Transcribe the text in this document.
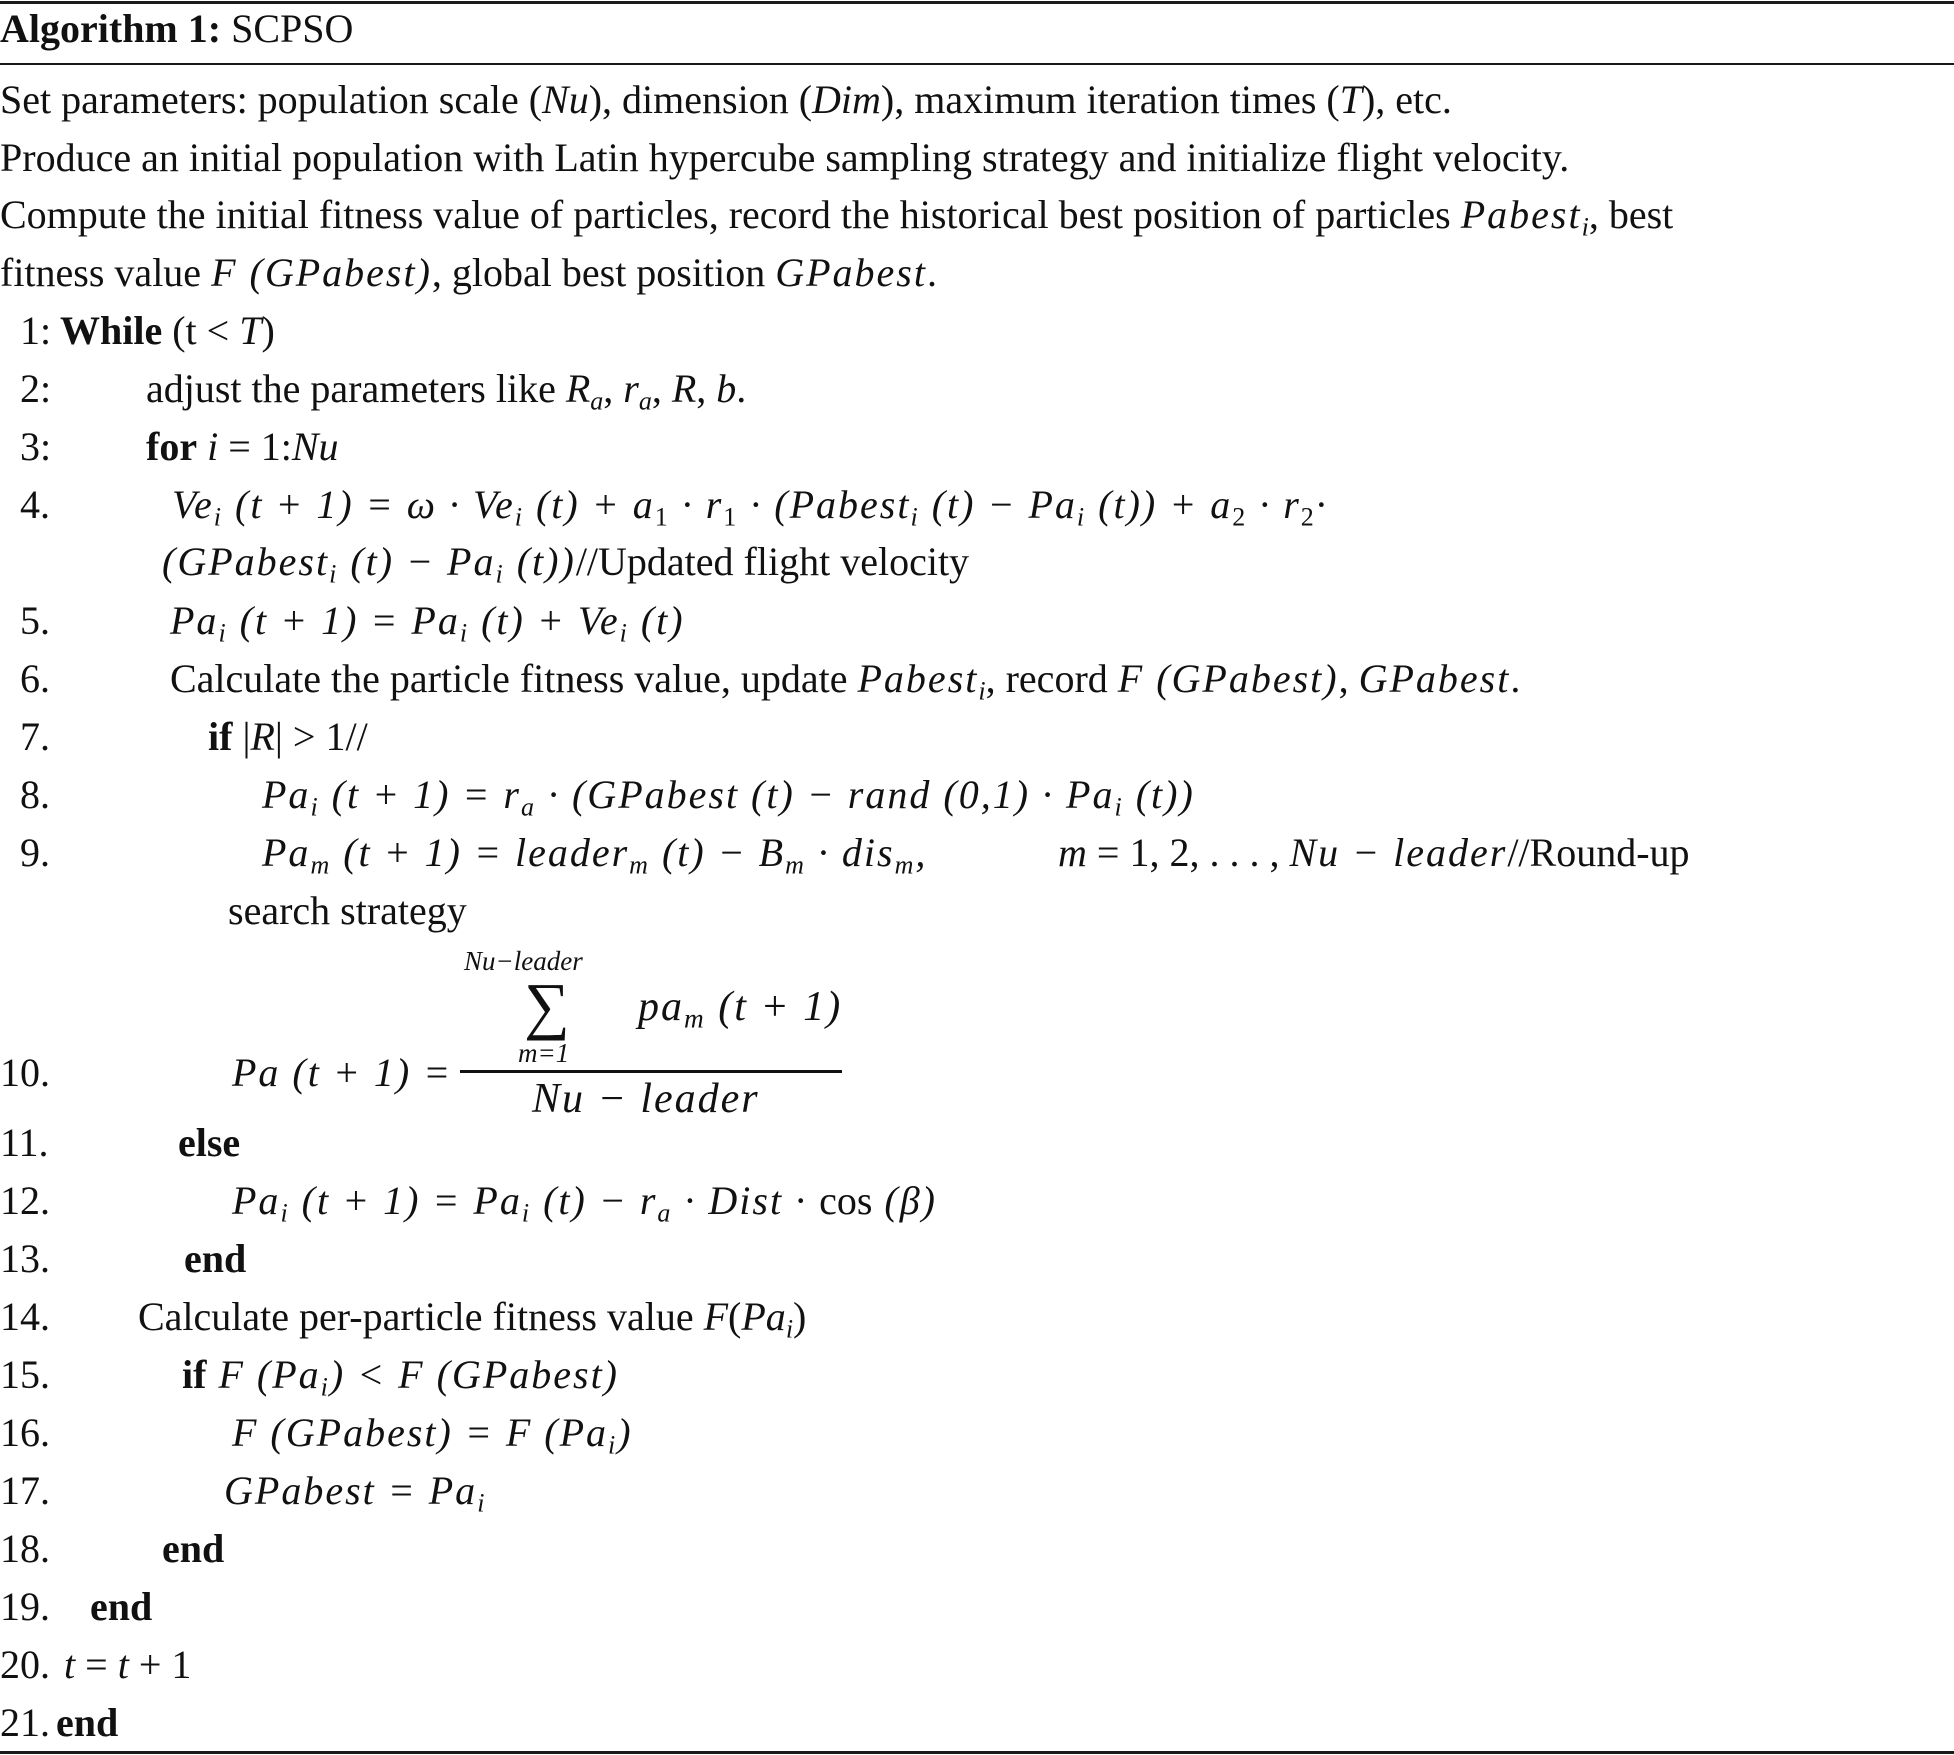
Algorithm 1: SCPSO
Set parameters: population scale (Nu), dimension (Dim), maximum iteration times (T), etc.
Produce an initial population with Latin hypercube sampling strategy and initialize flight velocity.
Compute the initial fitness value of particles, record the historical best position of particles Pabest$_i$, best
fitness value F (GPabest), global best position GPabest.
1: While (t < T)
2: adjust the parameters like $R_a$, $r_a$, R, b.
3: for i = 1:Nu
4.	$Ve_i$ $(t + 1) = \omega \cdot Ve_i$ $(t) + a_1 \cdot r_1$ · (Pabest$_i$ $(t) - Pa_i$ $(t)) + a_2 \cdot r_2\cdot$
(GPabest$_i$ $(t) - Pa_i$ (t))//Updated flight velocity
5.	$Pa_i$ $(t + 1) = Pa_i$ $(t) + Ve_i$ (t)
6.	Calculate the particle fitness value, update Pabest$_i$, record F (GPabest), GPabest.
7.	if |R| > 1//
8.	$Pa_i$ $(t + 1) = r_a$ · (GPabest (t) − rand $(0,1) \cdot Pa_i$ (t))
9.	$Pa_m$ (t + 1) = leader$_m$ $(t) - B_m \cdot dis_m$,	m = 1, 2, . . . , Nu − leader//Round-up
search strategy
10.	Pa (t + 1) =
Nu−leader
∑
m=1
$pa_m$ (t + 1)
Nu − leader
11.	else
12.	$Pa_i$ $(t + 1) = Pa_i$ $(t) - r_a$ · Dist · cos (β)
13.	end
14. Calculate per-particle fitness value $F(Pa_i)$
15.	if F $(Pa_i) < F$ (GPabest)
16.	F (GPabest) = F $(Pa_i)$
17.	GPabest = $Pa_i$
18.	end
19. end
20. t = t + 1
21. end
